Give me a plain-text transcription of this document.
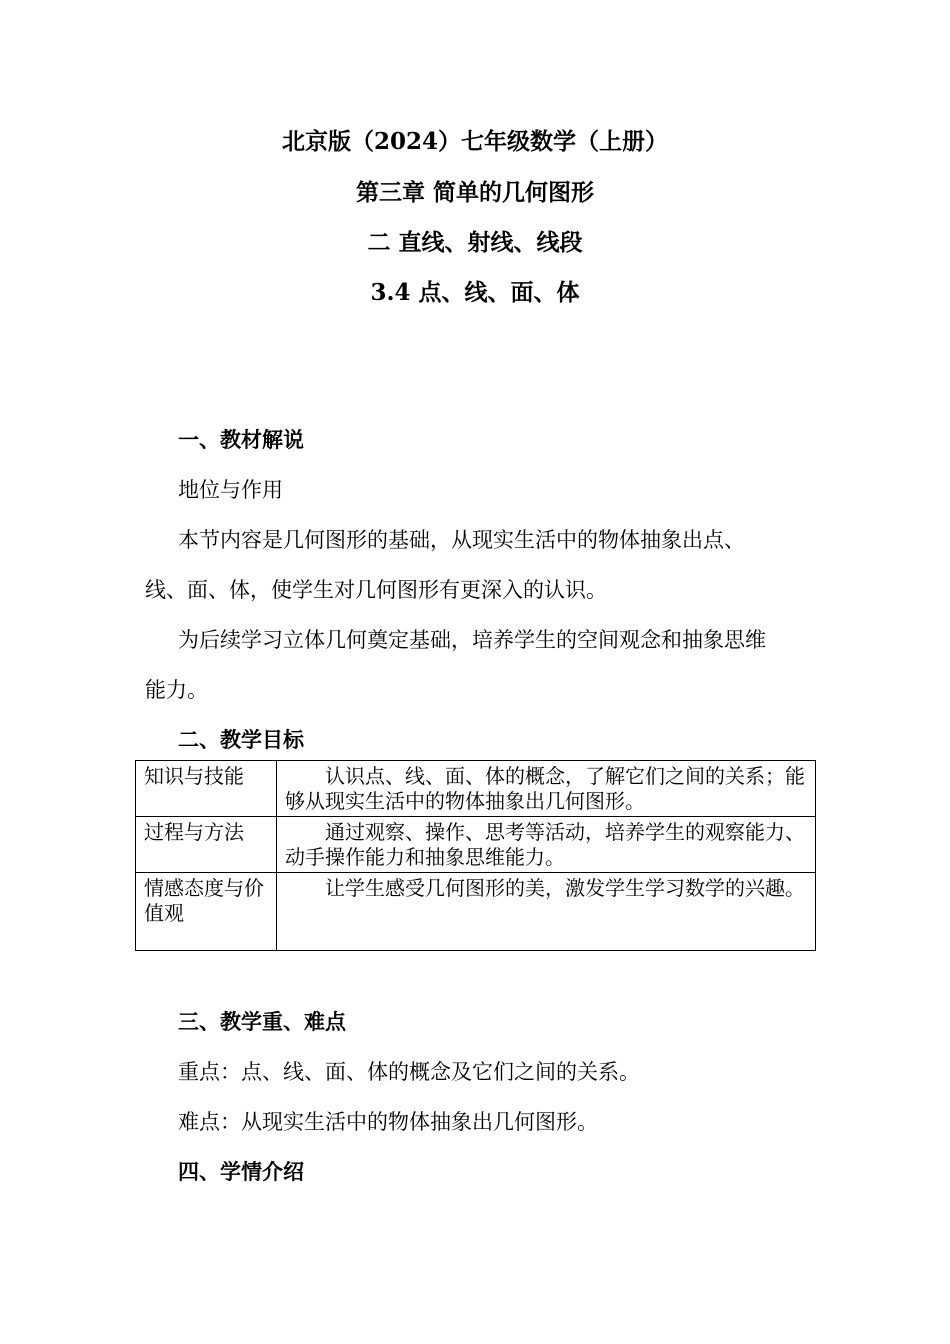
北京版（2024）七年级数学（上册）
第三章 简单的几何图形
二 直线、射线、线段
3.4 点、线、面、体
一、教材解说
地位与作用
本节内容是几何图形的基础，从现实生活中的物体抽象出点、
线、面、体，使学生对几何图形有更深入的认识。
为后续学习立体几何奠定基础，培养学生的空间观念和抽象思维
能力。
二、教学目标
知识与技能	认识点、线、面、体的概念，了解它们之间的关系；能够从现实生活中的物体抽象出几何图形。
过程与方法	通过观察、操作、思考等活动，培养学生的观察能力、动手操作能力和抽象思维能力。
情感态度与价值观	让学生感受几何图形的美，激发学生学习数学的兴趣。
三、教学重、难点
重点：点、线、面、体的概念及它们之间的关系。
难点：从现实生活中的物体抽象出几何图形。
四、学情介绍
